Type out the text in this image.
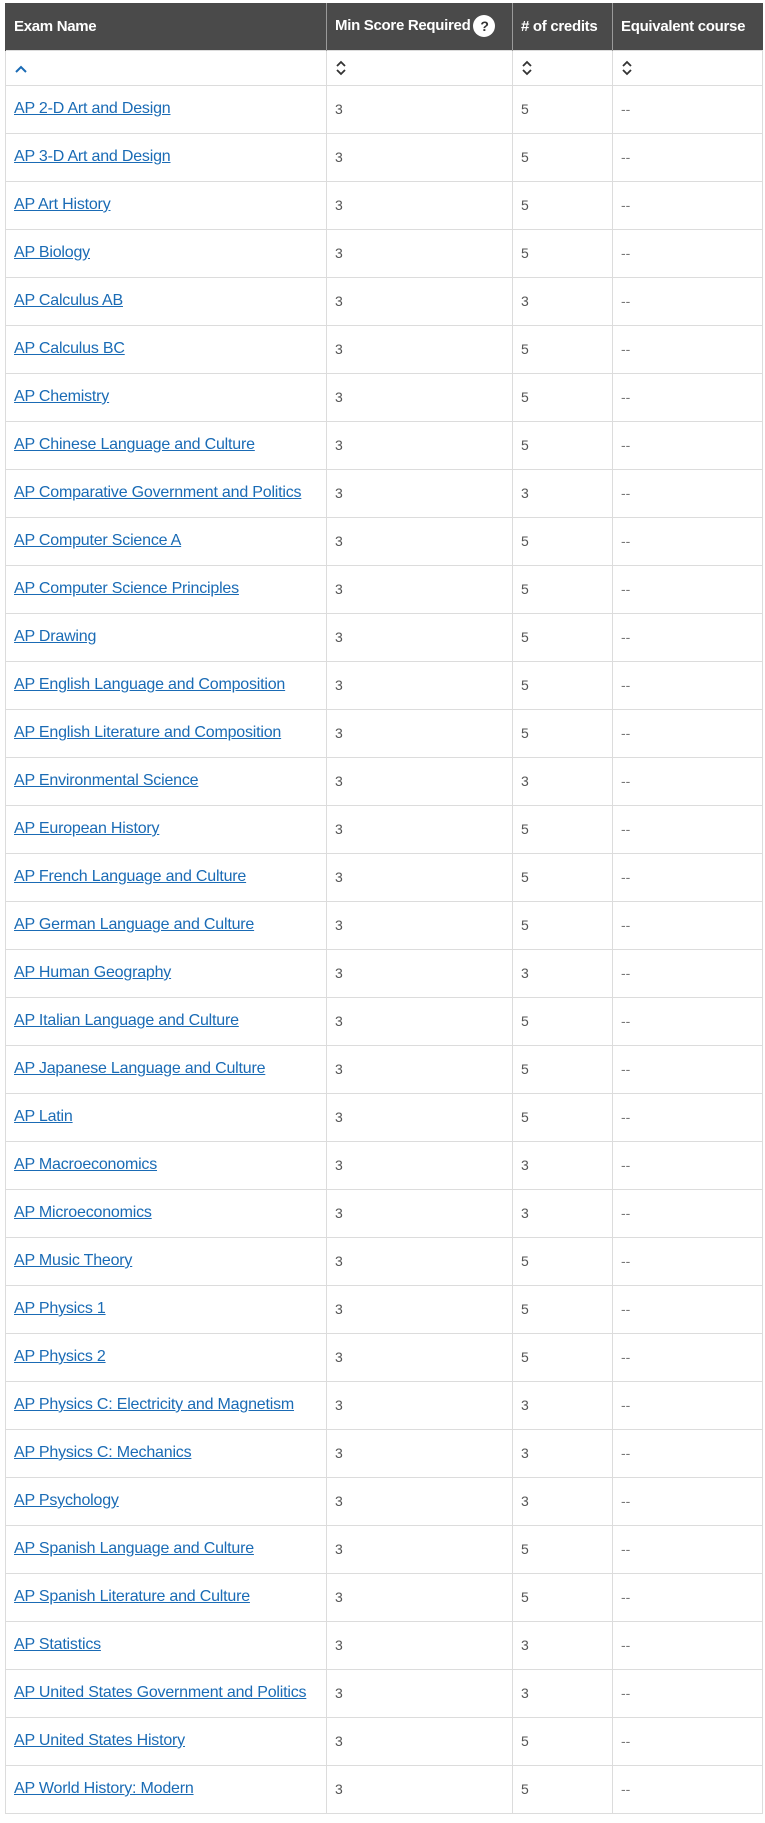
Exam Name	Min Score Required ?	# of credits	Equivalent course

AP 2-D Art and Design	3	5	--
AP 3-D Art and Design	3	5	--
AP Art History	3	5	--
AP Biology	3	5	--
AP Calculus AB	3	3	--
AP Calculus BC	3	5	--
AP Chemistry	3	5	--
AP Chinese Language and Culture	3	5	--
AP Comparative Government and Politics	3	3	--
AP Computer Science A	3	5	--
AP Computer Science Principles	3	5	--
AP Drawing	3	5	--
AP English Language and Composition	3	5	--
AP English Literature and Composition	3	5	--
AP Environmental Science	3	3	--
AP European History	3	5	--
AP French Language and Culture	3	5	--
AP German Language and Culture	3	5	--
AP Human Geography	3	3	--
AP Italian Language and Culture	3	5	--
AP Japanese Language and Culture	3	5	--
AP Latin	3	5	--
AP Macroeconomics	3	3	--
AP Microeconomics	3	3	--
AP Music Theory	3	5	--
AP Physics 1	3	5	--
AP Physics 2	3	5	--
AP Physics C: Electricity and Magnetism	3	3	--
AP Physics C: Mechanics	3	3	--
AP Psychology	3	3	--
AP Spanish Language and Culture	3	5	--
AP Spanish Literature and Culture	3	5	--
AP Statistics	3	3	--
AP United States Government and Politics	3	3	--
AP United States History	3	5	--
AP World History: Modern	3	5	--
